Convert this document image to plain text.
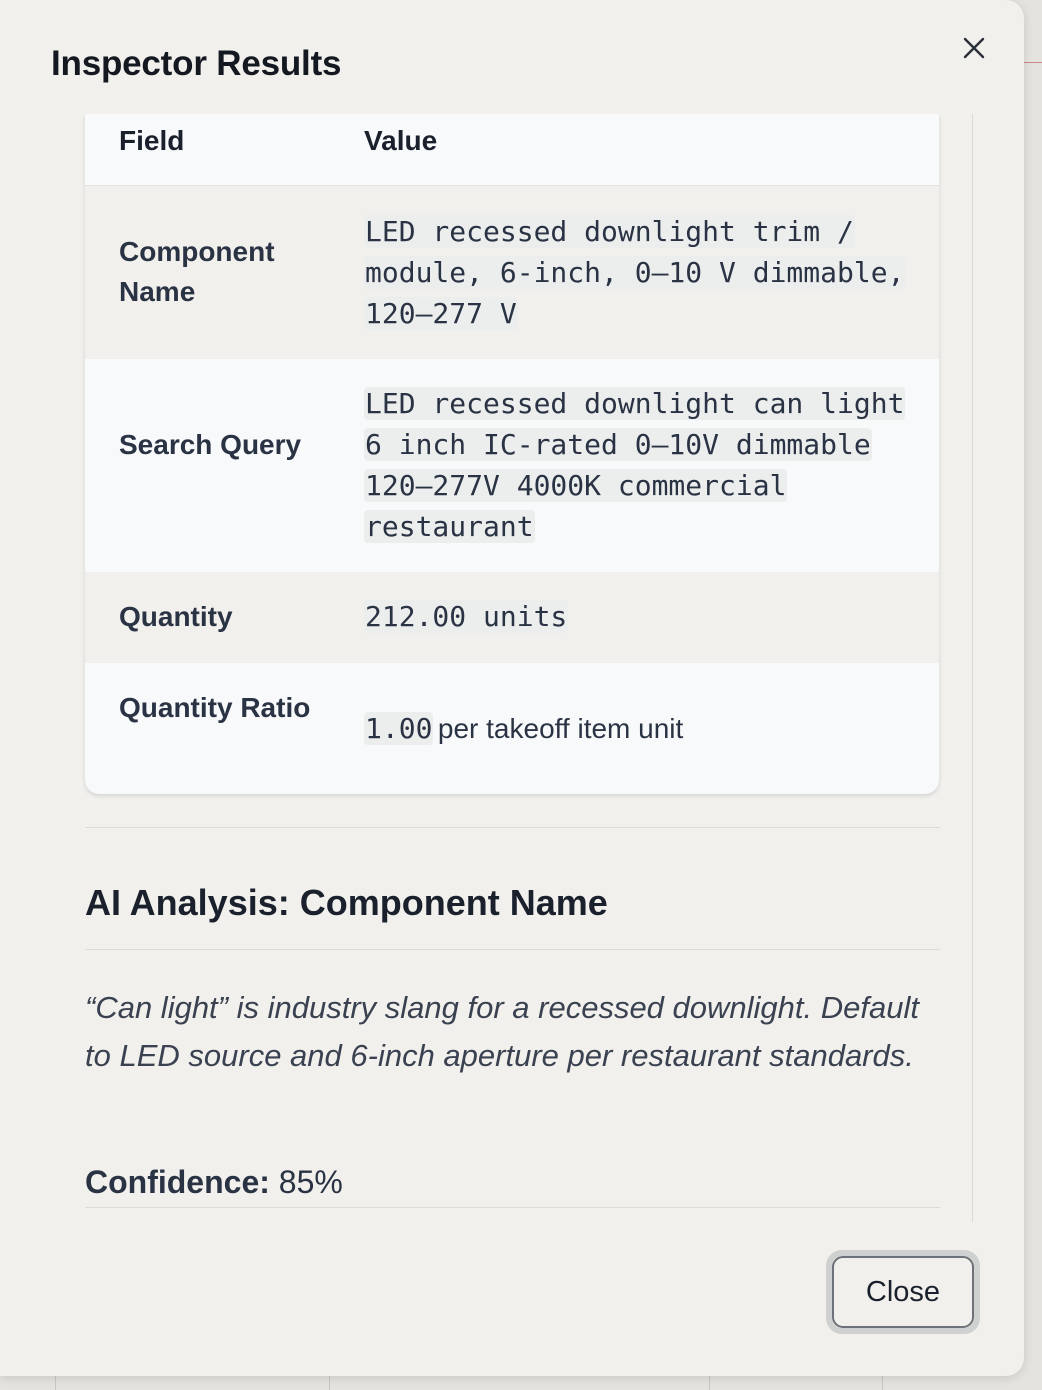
Inspector Results
Field	Value
Component Name
LED recessed downlight trim / module, 6-inch, 0–10 V dimmable, 120–277 V
Search Query
LED recessed downlight can light 6 inch IC-rated 0–10V dimmable 120–277V 4000K commercial restaurant
Quantity	212.00 units
Quantity Ratio
1.00 per takeoff item unit
AI Analysis: Component Name

“Can light” is industry slang for a recessed downlight. Default to LED source and 6-inch aperture per restaurant standards.

Confidence: 85%
Close
